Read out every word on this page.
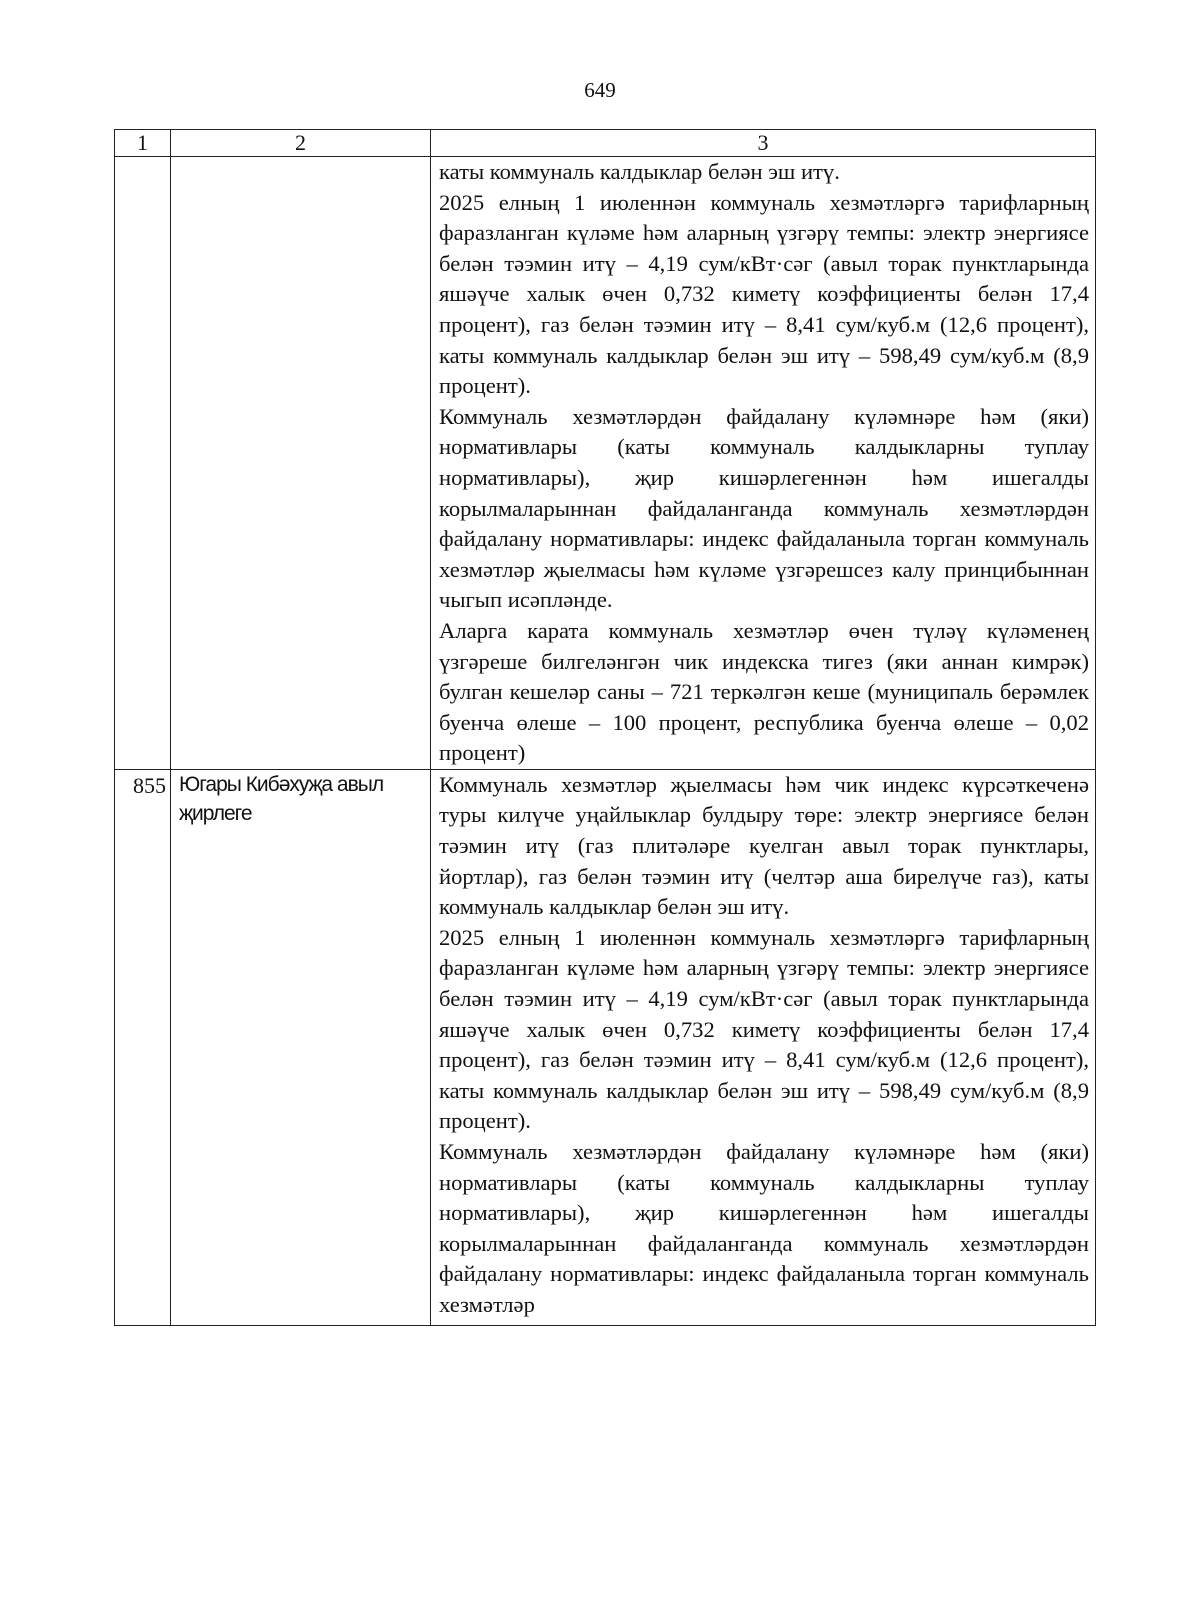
649
1	2	3

		каты коммуналь калдыклар белән эш итү.

2025 елның 1 июленнән коммуналь хезмәтләргә тарифларның фаразланган күләме һәм аларның үзгәрү темпы: электр энергиясе белән тәэмин итү – 4,19 сум/кВт·сәг (авыл торак пунктларында яшәүче халык өчен 0,732 киметү коэффициенты белән 17,4 процент), газ белән тәэмин итү – 8,41 сум/куб.м (12,6 процент), каты коммуналь калдыклар белән эш итү – 598,49 сум/куб.м (8,9 процент).

Коммуналь хезмәтләрдән файдалану күләмнәре һәм (яки) нормативлары (каты коммуналь калдыкларны туплау нормативлары), җир кишәрлегеннән һәм ишегалды корылмаларыннан файдаланганда коммуналь хезмәтләрдән файдалану нормативлары: индекс файдаланыла торган коммуналь хезмәтләр җыелмасы һәм күләме үзгәрешсез калу принцибыннан чыгып исәпләнде.

Аларга карата коммуналь хезмәтләр өчен түләү күләменең үзгәреше билгеләнгән чик индекска тигез (яки аннан кимрәк) булган кешеләр саны – 721 теркәлгән кеше (муниципаль берәмлек буенча өлеше – 100 процент, республика буенча өлеше – 0,02 процент)

855	Югары Кибәхуҗа авыл җирлеге	Коммуналь хезмәтләр җыелмасы һәм чик индекс күрсәткеченә туры килүче уңайлыклар булдыру төре: электр энергиясе белән тәэмин итү (газ плитәләре куелган авыл торак пунктлары, йортлар), газ белән тәэмин итү (челтәр аша бирелүче газ), каты коммуналь калдыклар белән эш итү.

2025 елның 1 июленнән коммуналь хезмәтләргә тарифларның фаразланган күләме һәм аларның үзгәрү темпы: электр энергиясе белән тәэмин итү – 4,19 сум/кВт·сәг (авыл торак пунктларында яшәүче халык өчен 0,732 киметү коэффициенты белән 17,4 процент), газ белән тәэмин итү – 8,41 сум/куб.м (12,6 процент), каты коммуналь калдыклар белән эш итү – 598,49 сум/куб.м (8,9 процент).

Коммуналь хезмәтләрдән файдалану күләмнәре һәм (яки) нормативлары (каты коммуналь калдыкларны туплау нормативлары), җир кишәрлегеннән һәм ишегалды корылмаларыннан файдаланганда коммуналь хезмәтләрдән файдалану нормативлары: индекс файдаланыла торган коммуналь хезмәтләр
